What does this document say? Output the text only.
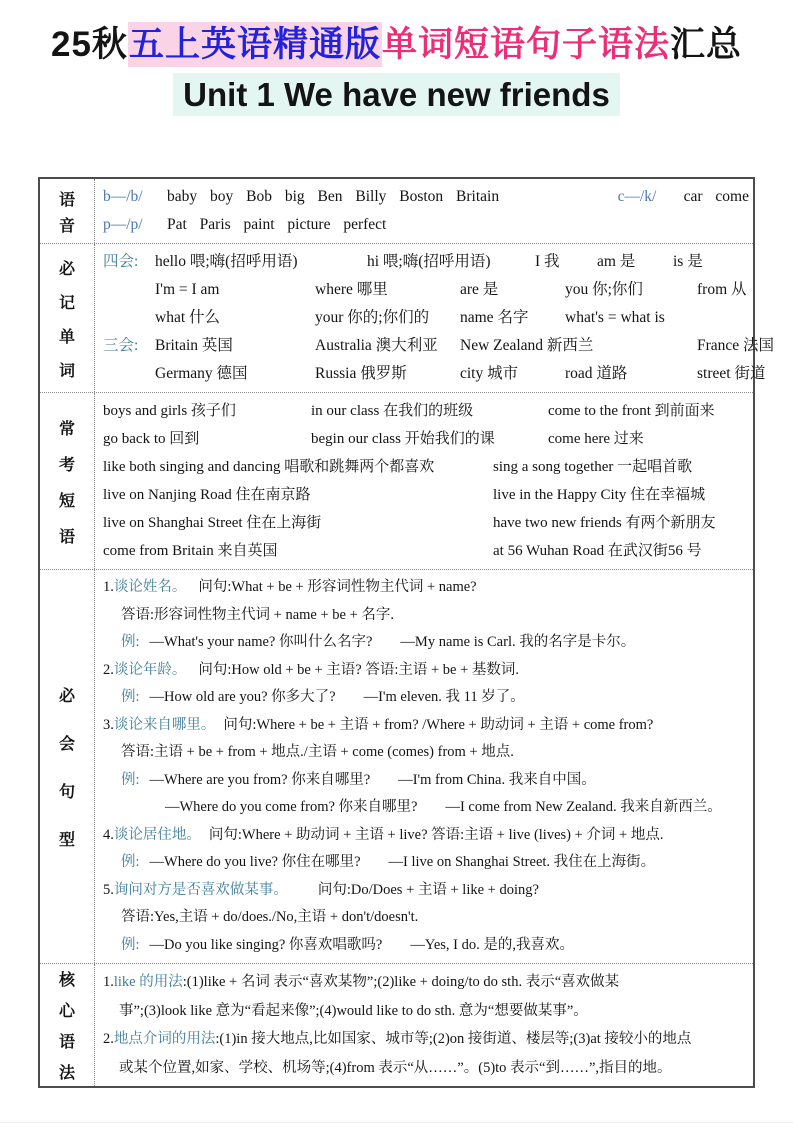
25秋五上英语精通版单词短语句子语法汇总
Unit 1 We have new friends
语
音
b—/b/	baby boy Bob big Ben Billy Boston Britain	c—/k/	car come
p—/p/	Pat Paris paint picture perfect
必
记
单
词
四会:	hello 喂;嗨(招呼用语)	hi 喂;嗨(招呼用语)	I 我	am 是	is 是
I'm = I am	where 哪里	are 是	you 你;你们	from 从
what 什么	your 你的;你们的	name 名字	what's = what is
三会:	Britain 英国	Australia 澳大利亚	New Zealand 新西兰	France 法国
Germany 德国	Russia 俄罗斯	city 城市	road 道路	street 街道
常
考
短
语
boys and girls 孩子们	in our class 在我们的班级	come to the front 到前面来
go back to 回到	begin our class 开始我们的课	come here 过来
like both singing and dancing 唱歌和跳舞两个都喜欢	sing a song together 一起唱首歌
live on Nanjing Road 住在南京路	live in the Happy City 住在幸福城
live on Shanghai Street 住在上海街	have two new friends 有两个新朋友
come from Britain 来自英国	at 56 Wuhan Road 在武汉街56 号
必
会
句
型
1. 谈论姓名。 问句:What + be + 形容词性物主代词 + name?
答语:形容词性物主代词 + name + be + 名字.
例: —What's your name? 你叫什么名字? —My name is Carl. 我的名字是卡尔。
2. 谈论年龄。 问句:How old + be + 主语? 答语:主语 + be + 基数词.
例: —How old are you? 你多大了? —I'm eleven. 我 11 岁了。
3. 谈论来自哪里。 问句:Where + be + 主语 + from? /Where + 助动词 + 主语 + come from?
答语:主语 + be + from + 地点./主语 + come (comes) from + 地点.
例: —Where are you from? 你来自哪里? —I'm from China. 我来自中国。
—Where do you come from? 你来自哪里? —I come from New Zealand. 我来自新西兰。
4. 谈论居住地。 问句:Where + 助动词 + 主语 + live? 答语:主语 + live (lives) + 介词 + 地点.
例: —Where do you live? 你住在哪里? —I live on Shanghai Street. 我住在上海街。
5. 询问对方是否喜欢做某事。 问句:Do/Does + 主语 + like + doing?
答语:Yes,主语 + do/does./No,主语 + don't/doesn't.
例: —Do you like singing? 你喜欢唱歌吗? —Yes, I do. 是的,我喜欢。
核
心
语
法
1. like 的用法 :(1)like + 名词 表示“喜欢某物”;(2)like + doing/to do sth. 表示“喜欢做某
事”;(3)look like 意为“看起来像”;(4)would like to do sth. 意为“想要做某事”。
2. 地点介词的用法 :(1)in 接大地点,比如国家、城市等;(2)on 接街道、楼层等;(3)at 接较小的地点
或某个位置,如家、学校、机场等;(4)from 表示“从……”。(5)to 表示“到……”,指目的地。
